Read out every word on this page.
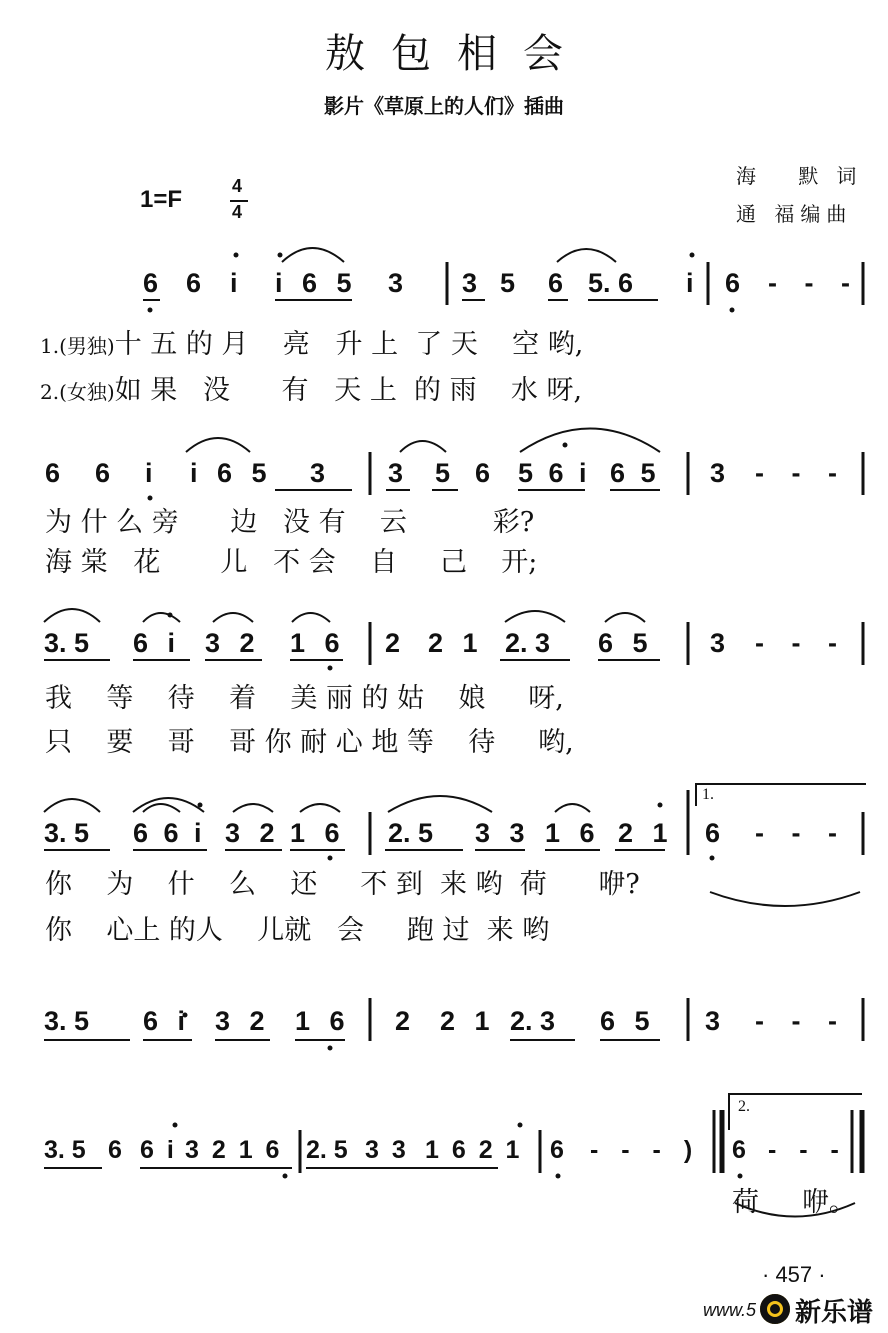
敖包相会
影片《草原上的人们》插曲
海 默词
通 福编曲
1=F	4
4
6 6 i i 6 5 3 3 5 6 5. 6 i 6 - - -
1.(男独)十 五 的 月    亮   升 上  了 天    空 哟,
2.(女独)如 果   没      有   天 上  的 雨    水 呀,
6 6 i i 6 5 3 3 5 6 5 6 i 6 5 3 - - -
为 什 么 旁      边   没 有    云          彩?
海 棠   花       儿   不 会    自     己    开;
3. 5 6 i 3 2 1 6 2 2 1 2. 3 6 5 3 - - -
我    等    待    着    美 丽 的 姑    娘     呀,
只    要    哥    哥 你 耐 心 地 等    待     哟,
3. 5 6 6 i 3 2 1 6 2. 5 3 3 1 6 2 1 6 - - -
1.
你    为    什    么    还     不 到  来 哟  荷      咿?
你    心上 的人    儿就   会     跑 过  来 哟
3. 5 6 i 3 2 1 6 2 2 1 2. 3 6 5 3 - - -
3. 5 6 6 i 3 2 1 6 2. 5 3 3 1 6 2 1 6 - - - ) 6 - - -
2.
荷     咿。
· 457 ·
www.5 新乐谱
